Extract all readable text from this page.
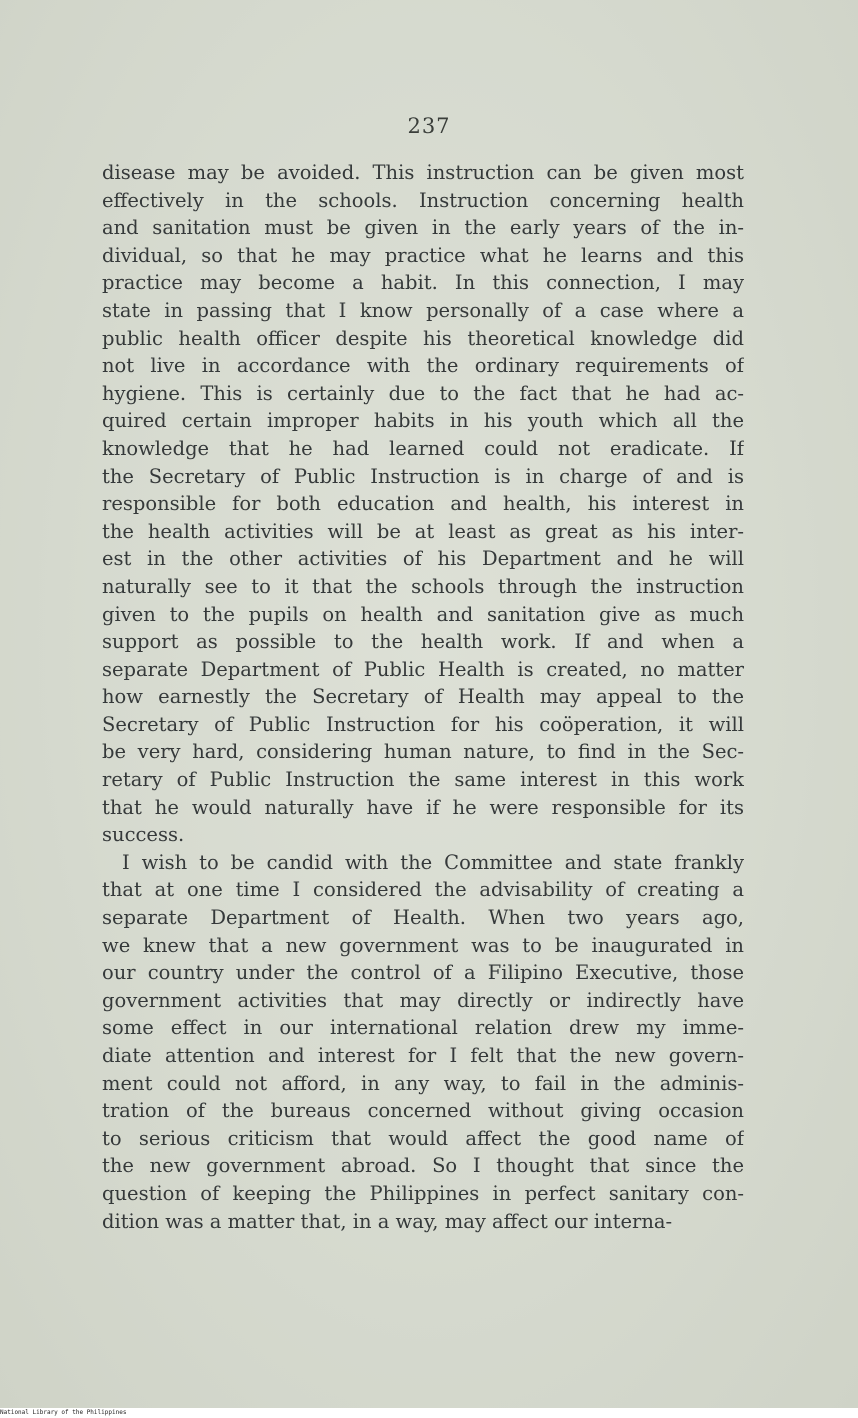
237
disease may be avoided. This instruction can be given most
effectively in the schools. Instruction concerning health
and sanitation must be given in the early years of the in-
dividual, so that he may practice what he learns and this
practice may become a habit. In this connection, I may
state in passing that I know personally of a case where a
public health officer despite his theoretical knowledge did
not live in accordance with the ordinary requirements of
hygiene. This is certainly due to the fact that he had ac-
quired certain improper habits in his youth which all the
knowledge that he had learned could not eradicate. If
the Secretary of Public Instruction is in charge of and is
responsible for both education and health, his interest in
the health activities will be at least as great as his inter-
est in the other activities of his Department and he will
naturally see to it that the schools through the instruction
given to the pupils on health and sanitation give as much
support as possible to the health work. If and when a
separate Department of Public Health is created, no matter
how earnestly the Secretary of Health may appeal to the
Secretary of Public Instruction for his coöperation, it will
be very hard, considering human nature, to find in the Sec-
retary of Public Instruction the same interest in this work
that he would naturally have if he were responsible for its
success.
I wish to be candid with the Committee and state frankly
that at one time I considered the advisability of creating a
separate Department of Health. When two years ago,
we knew that a new government was to be inaugurated in
our country under the control of a Filipino Executive, those
government activities that may directly or indirectly have
some effect in our international relation drew my imme-
diate attention and interest for I felt that the new govern-
ment could not afford, in any way, to fail in the adminis-
tration of the bureaus concerned without giving occasion
to serious criticism that would affect the good name of
the new government abroad. So I thought that since the
question of keeping the Philippines in perfect sanitary con-
dition was a matter that, in a way, may affect our interna-
National Library of the Philippines
